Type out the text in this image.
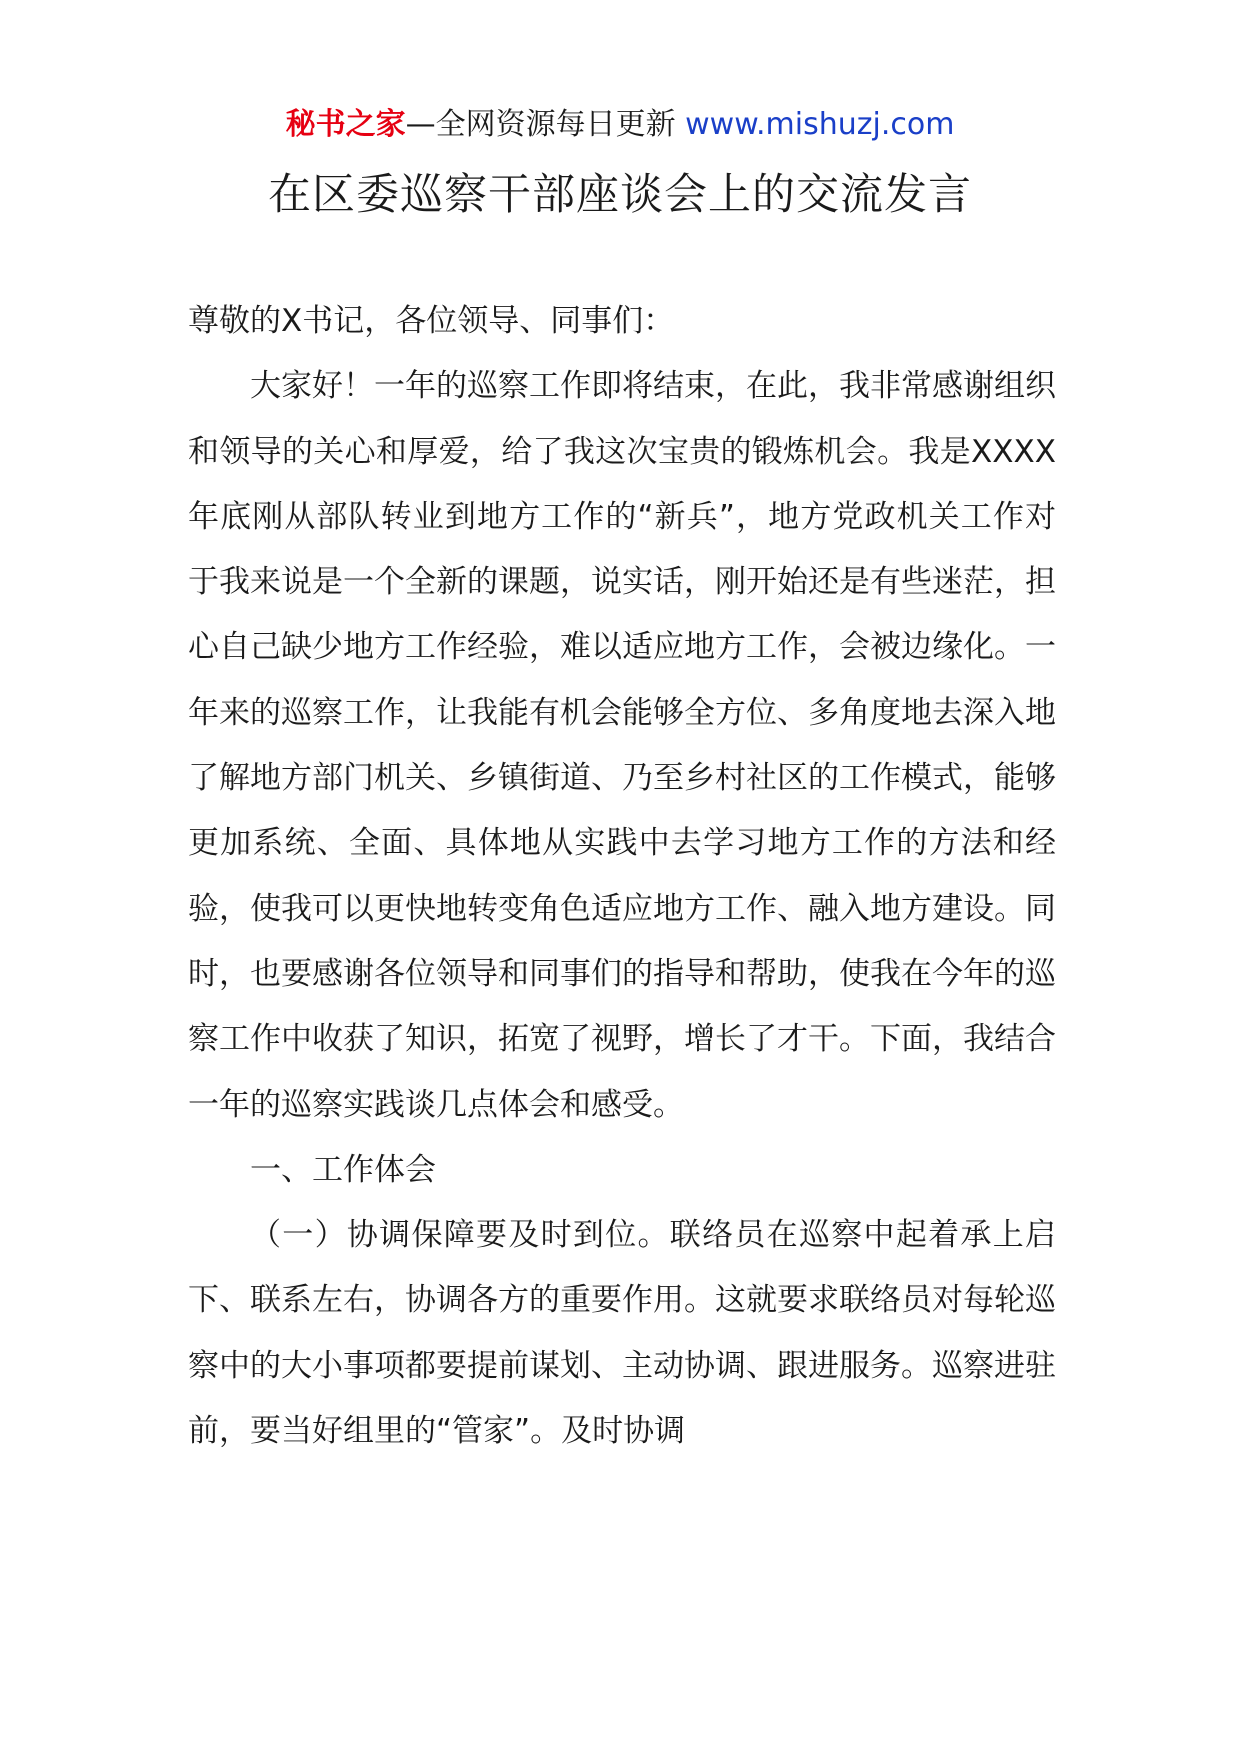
秘书之家—全网资源每日更新 www.mishuzj.com
在区委巡察干部座谈会上的交流发言

尊敬的X书记，各位领导、同事们：

大家好！一年的巡察工作即将结束，在此，我非常感谢组织和领导的关心和厚爱，给了我这次宝贵的锻炼机会。我是XXXX年底刚从部队转业到地方工作的“新兵”，地方党政机关工作对于我来说是一个全新的课题，说实话，刚开始还是有些迷茫，担心自己缺少地方工作经验，难以适应地方工作，会被边缘化。一年来的巡察工作，让我能有机会能够全方位、多角度地去深入地了解地方部门机关、乡镇街道、乃至乡村社区的工作模式，能够更加系统、全面、具体地从实践中去学习地方工作的方法和经验，使我可以更快地转变角色适应地方工作、融入地方建设。同时，也要感谢各位领导和同事们的指导和帮助，使我在今年的巡察工作中收获了知识，拓宽了视野，增长了才干。下面，我结合一年的巡察实践谈几点体会和感受。

一、工作体会

（一）协调保障要及时到位。联络员在巡察中起着承上启下、联系左右，协调各方的重要作用。这就要求联络员对每轮巡察中的大小事项都要提前谋划、主动协调、跟进服务。巡察进驻前，要当好组里的“管家”。及时协调
